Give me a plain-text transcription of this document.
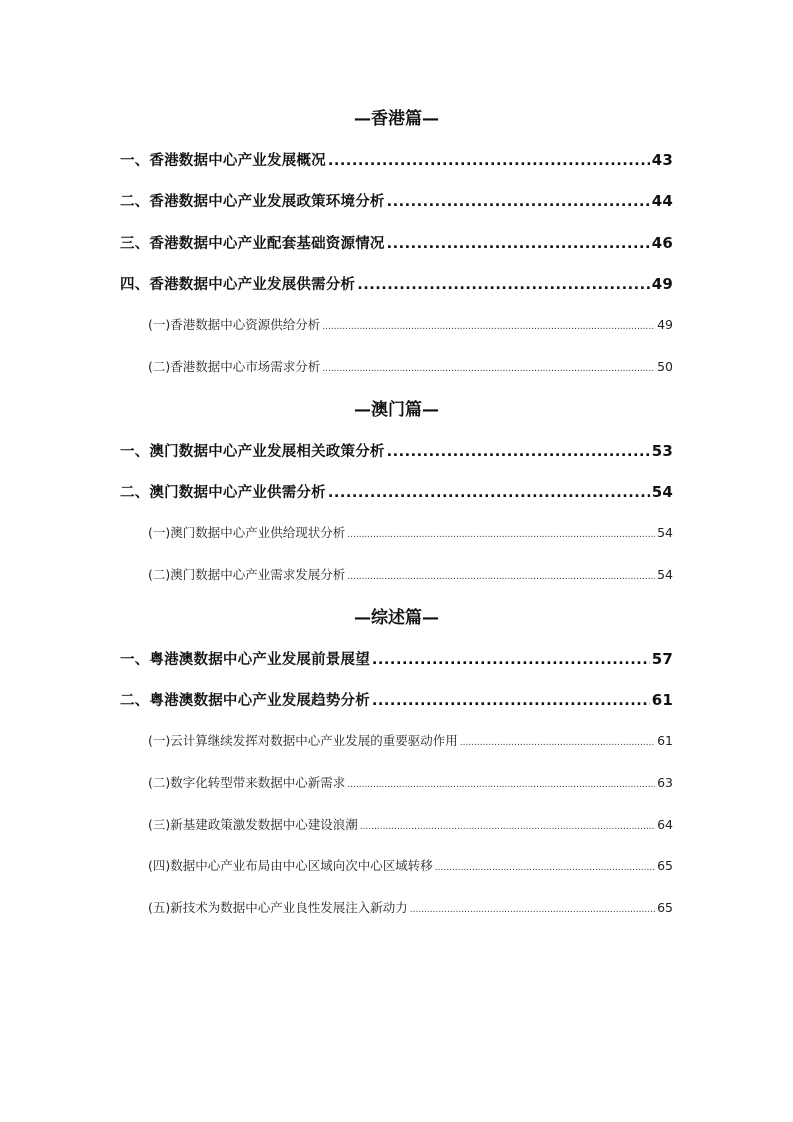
—香港篇—
一、香港数据中心产业发展概况 .....	43
二、香港数据中心产业发展政策环境分析 .....	44
三、香港数据中心产业配套基础资源情况 .....	46
四、香港数据中心产业发展供需分析 .....	49
(一)香港数据中心资源供给分析 .....	49
(二)香港数据中心市场需求分析 .....	50
—澳门篇—
一、澳门数据中心产业发展相关政策分析 .....	53
二、澳门数据中心产业供需分析 .....	54
(一)澳门数据中心产业供给现状分析 .....	54
(二)澳门数据中心产业需求发展分析 .....	54
—综述篇—
一、粤港澳数据中心产业发展前景展望 .....	57
二、粤港澳数据中心产业发展趋势分析 .....	61
(一)云计算继续发挥对数据中心产业发展的重要驱动作用 .....	61
(二)数字化转型带来数据中心新需求 .....	63
(三)新基建政策激发数据中心建设浪潮 .....	64
(四)数据中心产业布局由中心区域向次中心区域转移 .....	65
(五)新技术为数据中心产业良性发展注入新动力 .....	65
